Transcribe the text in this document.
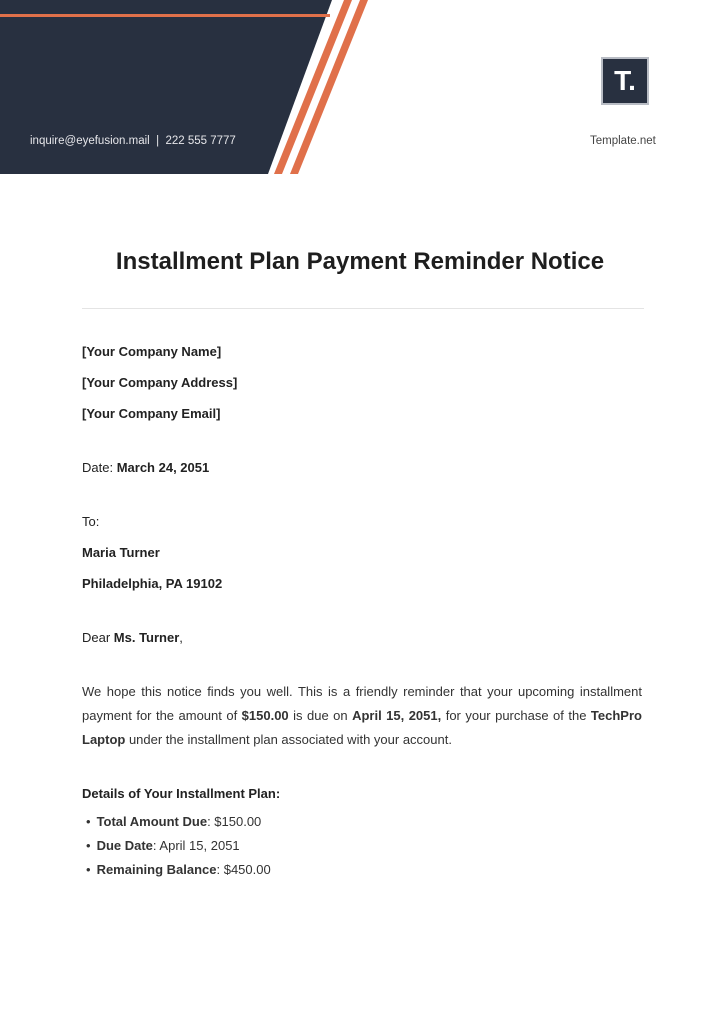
inquire@eyefusion.mail  |  222 555 7777
T.
Template.net
Installment Plan Payment Reminder Notice
[Your Company Name]
[Your Company Address]
[Your Company Email]
Date: March 24, 2051
To:
Maria Turner
Philadelphia, PA 19102
Dear Ms. Turner,
We hope this notice finds you well. This is a friendly reminder that your upcoming installment payment for the amount of $150.00 is due on April 15, 2051, for your purchase of the TechPro Laptop under the installment plan associated with your account.
Details of Your Installment Plan:
• Total Amount Due: $150.00
• Due Date: April 15, 2051
• Remaining Balance: $450.00
